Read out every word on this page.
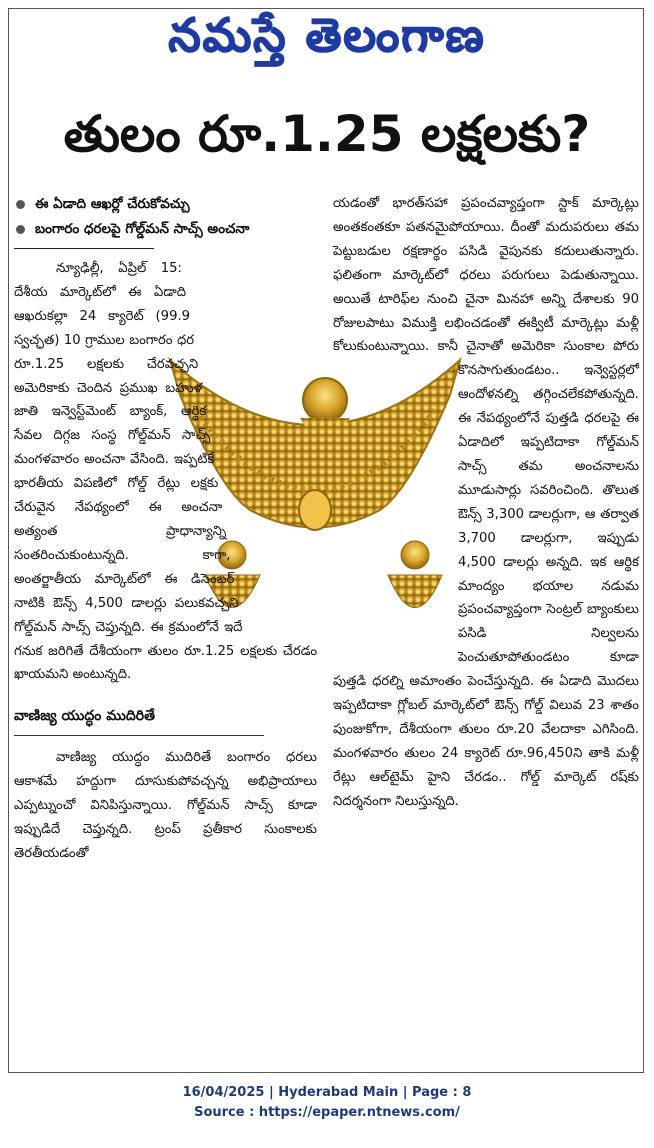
నమస్తే తెలంగాణ
తులం రూ.1.25 లక్షలకు?
ఈ ఏడాది ఆఖర్లో చేరుకోవచ్చు
బంగారం ధరలపై గోల్డ్‌మన్ సాచ్స్ అంచనా

న్యూఢిల్లీ, ఏప్రిల్ 15: దేశీయ మార్కెట్‌లో ఈ ఏడాది ఆఖరుకల్లా 24 క్యారెట్ (99.9 స్వచ్ఛత) 10 గ్రాముల బంగారం ధర రూ.1.25 లక్షలకు చేరవచ్చని అమెరికాకు చెందిన ప్రముఖ బహుళ జాతి ఇన్వెస్ట్‌మెంట్ బ్యాంక్, ఆర్థిక సేవల దిగ్గజ సంస్థ గోల్డ్‌మన్ సాచ్స్ మంగళవారం అంచనా వేసింది. ఇప్పటికే భారతీయ విపణిలో గోల్డ్ రేట్లు లక్షకు చేరువైన నేపథ్యంలో ఈ అంచనా అత్యంత ప్రాధాన్యాన్ని సంతరించుకుంటున్నది. కాగా, అంతర్జాతీయ మార్కెట్‌లో ఈ డిసెంబర్ నాటికి ఔన్స్ 4,500 డాలర్లు పలుకవచ్చని గోల్డ్‌మన్ సాచ్స్ చెప్తున్నది. ఈ క్రమంలోనే ఇదే గనుక జరిగితే దేశీయంగా తులం రూ.1.25 లక్షలకు చేరడం ఖాయమని అంటున్నది.

వాణిజ్య యుద్ధం ముదిరితే

వాణిజ్య యుద్ధం ముదిరితే బంగారం ధరలు ఆకాశమే హద్దుగా దూసుకుపోవచ్చన్న అభిప్రాయాలు ఎప్పట్నుంచో వినిపిస్తున్నాయి. గోల్డ్‌మన్ సాచ్స్ కూడా ఇప్పుడిదే చెప్తున్నది. ట్రంప్ ప్రతీకార సుంకాలకు తెరతీయడంతో

యడంతో భారత్‌సహా ప్రపంచవ్యాప్తంగా స్టాక్ మార్కెట్లు అంతకంతకూ పతనమైపోయాయి. దీంతో మదుపరులు తమ పెట్టుబడుల రక్షణార్థం పసిడి వైపునకు కదులుతున్నారు. ఫలితంగా మార్కెట్‌లో ధరలు పరుగులు పెడుతున్నాయి. అయితే టారిఫ్‌ల నుంచి చైనా మినహా అన్ని దేశాలకు 90 రోజులపాటు విముక్తి లభించడంతో ఈక్విటీ మార్కెట్లు మళ్లీ కోలుకుంటున్నాయి. కానీ చైనాతో అమెరికా సుంకాల పోరు కొనసాగుతుండటం.. ఇన్వెస్టర్లలో ఆందోళనల్ని తగ్గించలేకపోతున్నది. ఈ నేపథ్యంలోనే పుత్తడి ధరలపై ఈ ఏడాదిలో ఇప్పటిదాకా గోల్డ్‌మన్ సాచ్స్ తమ అంచనాలను మూడుసార్లు సవరించింది. తొలుత ఔన్స్ 3,300 డాలర్లుగా, ఆ తర్వాత 3,700 డాలర్లుగా, ఇప్పుడు 4,500 డాలర్లు అన్నది. ఇక ఆర్థిక మాంద్యం భయాల నడుమ ప్రపంచవ్యాప్తంగా సెంట్రల్ బ్యాంకులు పసిడి నిల్వలను పెంచుతూపోతుండటం కూడా పుత్తడి ధరల్ని అమాంతం పెంచేస్తున్నది. ఈ ఏడాది మొదలు ఇప్పటిదాకా గ్లోబల్ మార్కెట్‌లో ఔన్స్ గోల్డ్ విలువ 23 శాతం పుంజుకోగా, దేశీయంగా తులం రూ.20 వేలదాకా ఎగిసింది. మంగళవారం తులం 24 క్యారెట్ రూ.96,450ని తాకి మళ్లీ రేట్లు ఆల్‌టైమ్ హైని చేరడం.. గోల్డ్ మార్కెట్ రష్‌కు నిదర్శనంగా నిలుస్తున్నది.

16/04/2025 | Hyderabad Main | Page : 8
Source : https://epaper.ntnews.com/
